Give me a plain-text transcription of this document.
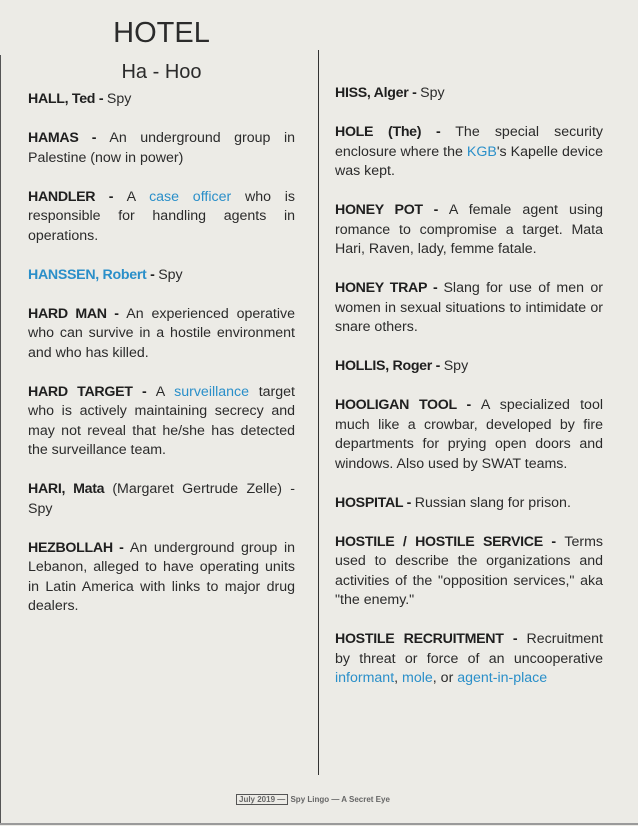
HOTEL
Ha - Hoo
HALL, Ted - Spy
HAMAS - An underground group in Palestine (now in power)
HANDLER - A case officer who is responsible for handling agents in operations.
HANSSEN, Robert - Spy
HARD MAN - An experienced operative who can survive in a hostile environment and who has killed.
HARD TARGET - A surveillance target who is actively maintaining secrecy and may not reveal that he/she has detected the surveillance team.
HARI, Mata (Margaret Gertrude Zelle) - Spy
HEZBOLLAH - An underground group in Lebanon, alleged to have operating units in Latin America with links to major drug dealers.
HISS, Alger - Spy
HOLE (The) - The special security enclosure where the KGB's Kapelle device was kept.
HONEY POT - A female agent using romance to compromise a target. Mata Hari, Raven, lady, femme fatale.
HONEY TRAP - Slang for use of men or women in sexual situations to intimidate or snare others.
HOLLIS, Roger - Spy
HOOLIGAN TOOL - A specialized tool much like a crowbar, developed by fire departments for prying open doors and windows. Also used by SWAT teams.
HOSPITAL - Russian slang for prison.
HOSTILE / HOSTILE SERVICE - Terms used to describe the organizations and activities of the "opposition services," aka "the enemy."
HOSTILE RECRUITMENT - Recruitment by threat or force of an uncooperative informant, mole, or agent-in-place
July 2019 — Spy Lingo — A Secret Eye
